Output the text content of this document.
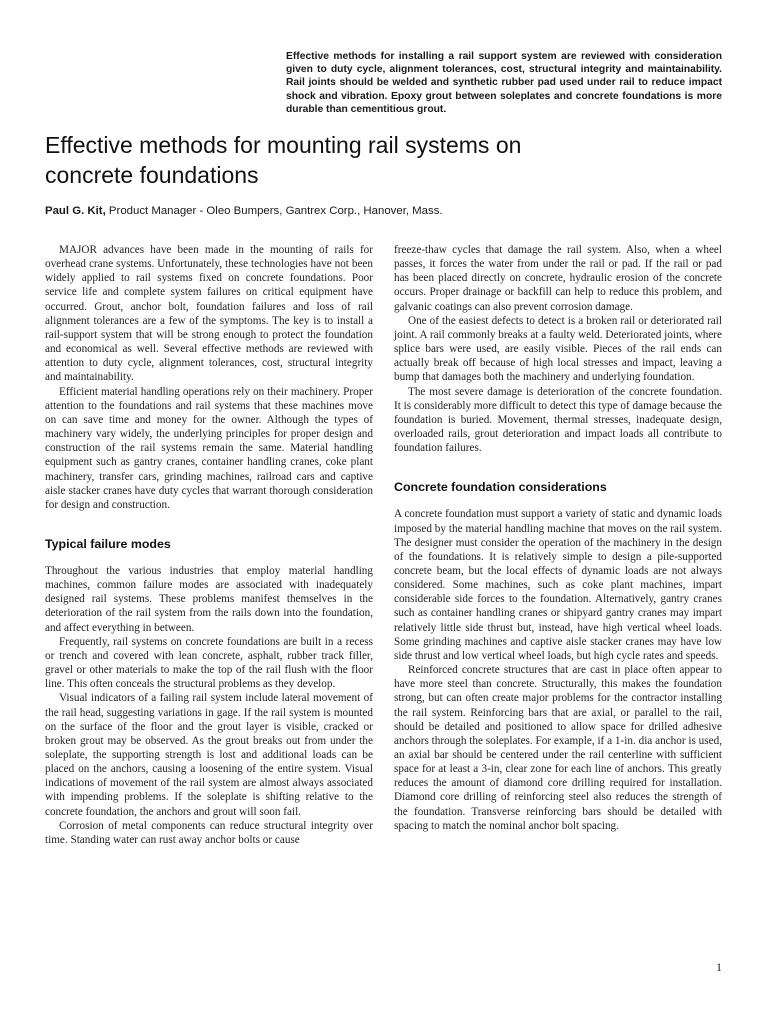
Effective methods for installing a rail support system are reviewed with consideration given to duty cycle, alignment tolerances, cost, structural integrity and maintainability. Rail joints should be welded and synthetic rubber pad used under rail to reduce impact shock and vibration. Epoxy grout between soleplates and concrete foundations is more durable than cementitious grout.

Effective methods for mounting rail systems on concrete foundations

Paul G. Kit, Product Manager - Oleo Bumpers, Gantrex Corp., Hanover, Mass.

MAJOR advances have been made in the mounting of rails for overhead crane systems. Unfortunately, these technologies have not been widely applied to rail systems fixed on concrete foundations. Poor service life and complete system failures on critical equipment have occurred. Grout, anchor bolt, foundation failures and loss of rail alignment tolerances are a few of the symptoms. The key is to install a rail-support system that will be strong enough to protect the foundation and economical as well. Several effective methods are reviewed with attention to duty cycle, alignment tolerances, cost, structural integrity and maintainability.

Efficient material handling operations rely on their machinery. Proper attention to the foundations and rail systems that these machines move on can save time and money for the owner. Although the types of machinery vary widely, the underlying principles for proper design and construction of the rail systems remain the same. Material handling equipment such as gantry cranes, container handling cranes, coke plant machinery, transfer cars, grinding machines, railroad cars and captive aisle stacker cranes have duty cycles that warrant thorough consideration for design and construction.

Typical failure modes

Throughout the various industries that employ material handling machines, common failure modes are associated with inadequately designed rail systems. These problems manifest themselves in the deterioration of the rail system from the rails down into the foundation, and affect everything in between.

Frequently, rail systems on concrete foundations are built in a recess or trench and covered with lean concrete, asphalt, rubber track filler, gravel or other materials to make the top of the rail flush with the floor line. This often conceals the structural problems as they develop.

Visual indicators of a failing rail system include lateral movement of the rail head, suggesting variations in gage. If the rail system is mounted on the surface of the floor and the grout layer is visible, cracked or broken grout may be observed. As the grout breaks out from under the soleplate, the supporting strength is lost and additional loads can be placed on the anchors, causing a loosening of the entire system. Visual indications of movement of the rail system are almost always associated with impending problems. If the soleplate is shifting relative to the concrete foundation, the anchors and grout will soon fail.

Corrosion of metal components can reduce structural integrity over time. Standing water can rust away anchor bolts or cause

freeze-thaw cycles that damage the rail system. Also, when a wheel passes, it forces the water from under the rail or pad. If the rail or pad has been placed directly on concrete, hydraulic erosion of the concrete occurs. Proper drainage or backfill can help to reduce this problem, and galvanic coatings can also prevent corrosion damage.

One of the easiest defects to detect is a broken rail or deteriorated rail joint. A rail commonly breaks at a faulty weld. Deteriorated joints, where splice bars were used, are easily visible. Pieces of the rail ends can actually break off because of high local stresses and impact, leaving a bump that damages both the machinery and underlying foundation.

The most severe damage is deterioration of the concrete foundation. It is considerably more difficult to detect this type of damage because the foundation is buried. Movement, thermal stresses, inadequate design, overloaded rails, grout deterioration and impact loads all contribute to foundation failures.

Concrete foundation considerations

A concrete foundation must support a variety of static and dynamic loads imposed by the material handling machine that moves on the rail system. The designer must consider the operation of the machinery in the design of the foundations. It is relatively simple to design a pile-supported concrete beam, but the local effects of dynamic loads are not always considered. Some machines, such as coke plant machines, impart considerable side forces to the foundation. Alternatively, gantry cranes such as container handling cranes or shipyard gantry cranes may impart relatively little side thrust but, instead, have high vertical wheel loads. Some grinding machines and captive aisle stacker cranes may have low side thrust and low vertical wheel loads, but high cycle rates and speeds.

Reinforced concrete structures that are cast in place often appear to have more steel than concrete. Structurally, this makes the foundation strong, but can often create major problems for the contractor installing the rail system. Reinforcing bars that are axial, or parallel to the rail, should be detailed and positioned to allow space for drilled adhesive anchors through the soleplates. For example, if a 1-in. dia anchor is used, an axial bar should be centered under the rail centerline with sufficient space for at least a 3-in, clear zone for each line of anchors. This greatly reduces the amount of diamond core drilling required for installation. Diamond core drilling of reinforcing steel also reduces the strength of the foundation. Transverse reinforcing bars should be detailed with spacing to match the nominal anchor bolt spacing.

1
